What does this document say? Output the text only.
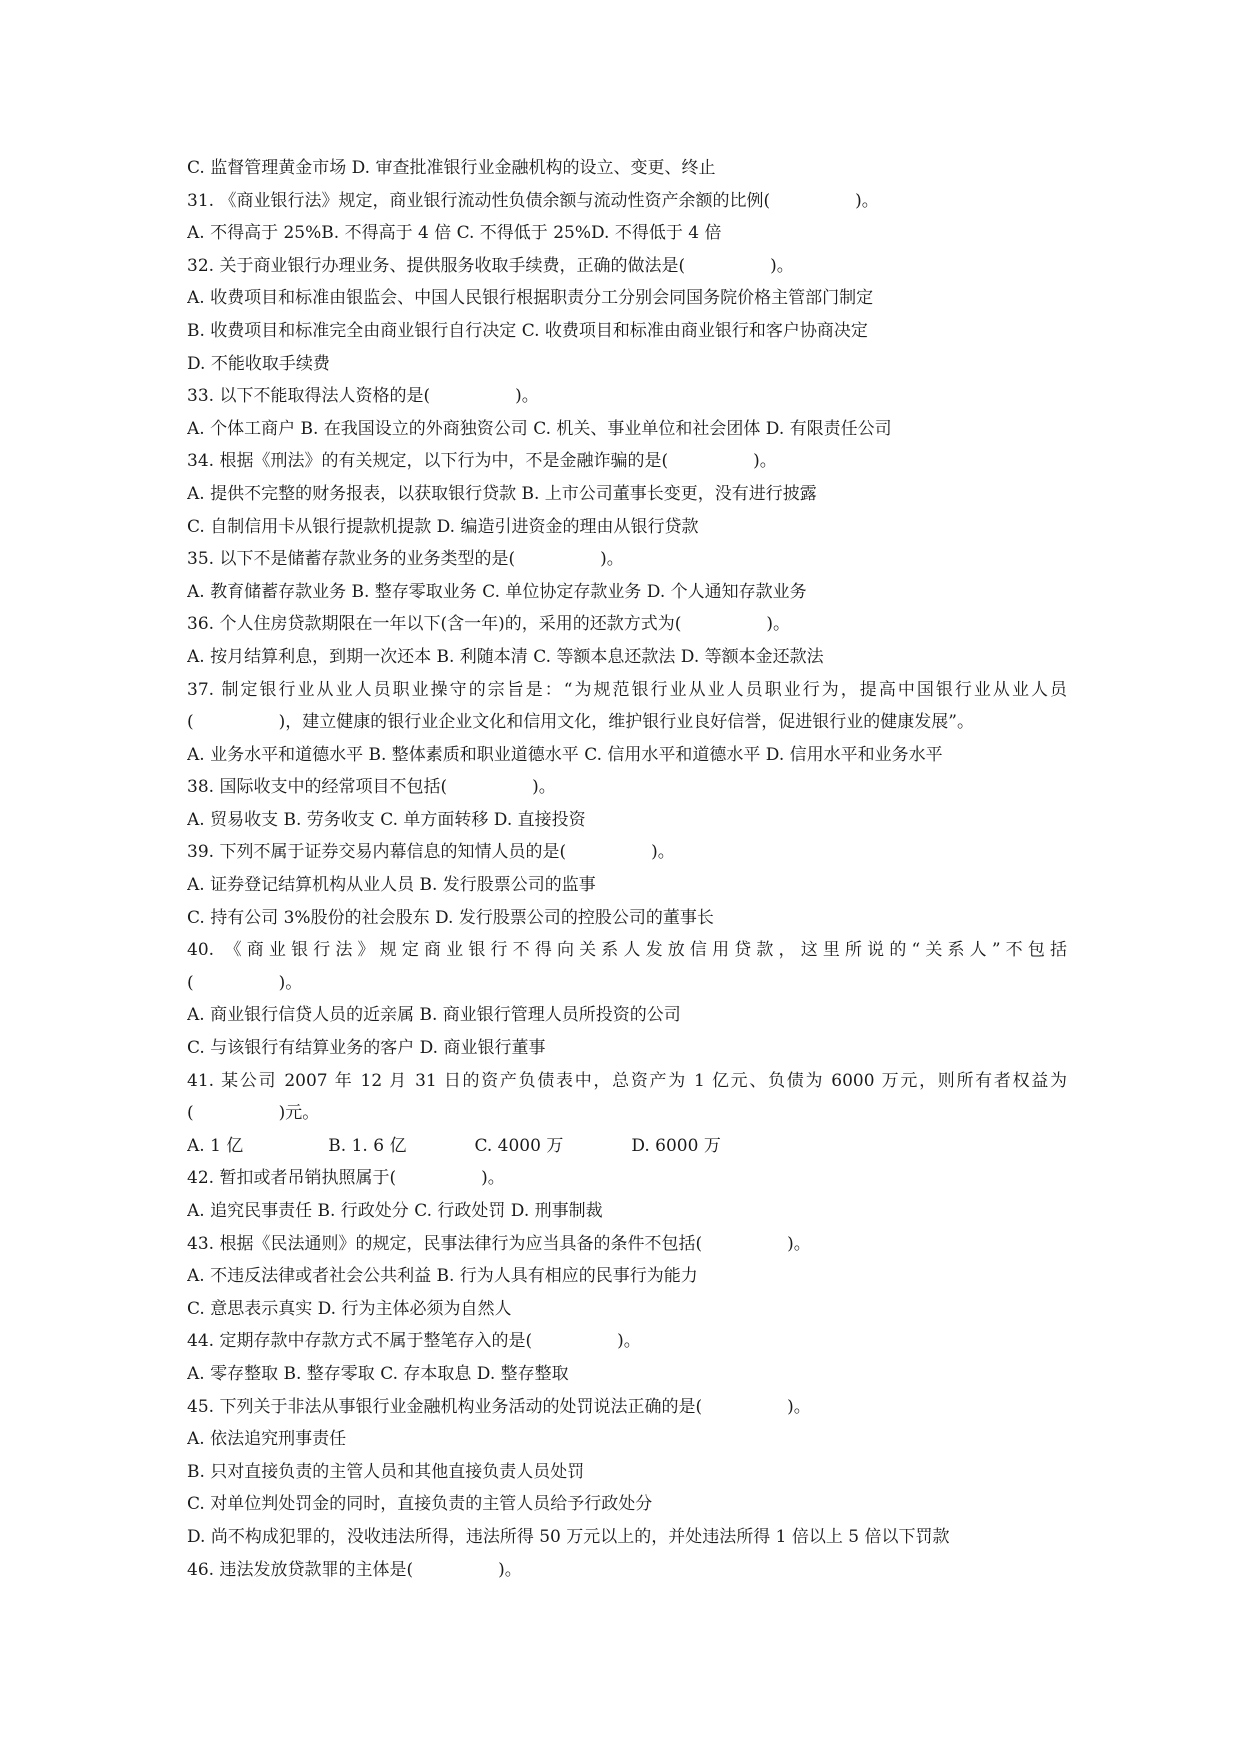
C. 监督管理黄金市场 D. 审查批准银行业金融机构的设立、变更、终止
31. 《商业银行法》规定，商业银行流动性负债余额与流动性资产余额的比例(　　　　　)。
A. 不得高于 25%B. 不得高于 4 倍 C. 不得低于 25%D. 不得低于 4 倍
32. 关于商业银行办理业务、提供服务收取手续费，正确的做法是(　　　　　)。
A. 收费项目和标准由银监会、中国人民银行根据职责分工分别会同国务院价格主管部门制定
B. 收费项目和标准完全由商业银行自行决定 C. 收费项目和标准由商业银行和客户协商决定
D. 不能收取手续费
33. 以下不能取得法人资格的是(　　　　　)。
A. 个体工商户 B. 在我国设立的外商独资公司 C. 机关、事业单位和社会团体 D. 有限责任公司
34. 根据《刑法》的有关规定，以下行为中，不是金融诈骗的是(　　　　　)。
A. 提供不完整的财务报表，以获取银行贷款 B. 上市公司董事长变更，没有进行披露
C. 自制信用卡从银行提款机提款 D. 编造引进资金的理由从银行贷款
35. 以下不是储蓄存款业务的业务类型的是(　　　　　)。
A. 教育储蓄存款业务 B. 整存零取业务 C. 单位协定存款业务 D. 个人通知存款业务
36. 个人住房贷款期限在一年以下(含一年)的，采用的还款方式为(　　　　　)。
A. 按月结算利息，到期一次还本 B. 利随本清 C. 等额本息还款法 D. 等额本金还款法
37. 制定银行业从业人员职业操守的宗旨是：“为规范银行业从业人员职业行为，提高中国银行业从业人员
(　　　　　)，建立健康的银行业企业文化和信用文化，维护银行业良好信誉，促进银行业的健康发展”。
A. 业务水平和道德水平 B. 整体素质和职业道德水平 C. 信用水平和道德水平 D. 信用水平和业务水平
38. 国际收支中的经常项目不包括(　　　　　)。
A. 贸易收支 B. 劳务收支 C. 单方面转移 D. 直接投资
39. 下列不属于证券交易内幕信息的知情人员的是(　　　　　)。
A. 证券登记结算机构从业人员 B. 发行股票公司的监事
C. 持有公司 3%股份的社会股东 D. 发行股票公司的控股公司的董事长
40. 《商业银行法》规定商业银行不得向关系人发放信用贷款，这里所说的“关系人”不包括
(　　　　　)。
A. 商业银行信贷人员的近亲属 B. 商业银行管理人员所投资的公司
C. 与该银行有结算业务的客户 D. 商业银行董事
41. 某公司 2007 年 12 月 31 日的资产负债表中，总资产为 1 亿元、负债为 6000 万元，则所有者权益为
(　　　　　)元。
A. 1 亿　　　　　B. 1. 6 亿　　　　C. 4000 万　　　　D. 6000 万
42. 暂扣或者吊销执照属于(　　　　　)。
A. 追究民事责任 B. 行政处分 C. 行政处罚 D. 刑事制裁
43. 根据《民法通则》的规定，民事法律行为应当具备的条件不包括(　　　　　)。
A. 不违反法律或者社会公共利益 B. 行为人具有相应的民事行为能力
C. 意思表示真实 D. 行为主体必须为自然人
44. 定期存款中存款方式不属于整笔存入的是(　　　　　)。
A. 零存整取 B. 整存零取 C. 存本取息 D. 整存整取
45. 下列关于非法从事银行业金融机构业务活动的处罚说法正确的是(　　　　　)。
A. 依法追究刑事责任
B. 只对直接负责的主管人员和其他直接负责人员处罚
C. 对单位判处罚金的同时，直接负责的主管人员给予行政处分
D. 尚不构成犯罪的，没收违法所得，违法所得 50 万元以上的，并处违法所得 1 倍以上 5 倍以下罚款
46. 违法发放贷款罪的主体是(　　　　　)。
